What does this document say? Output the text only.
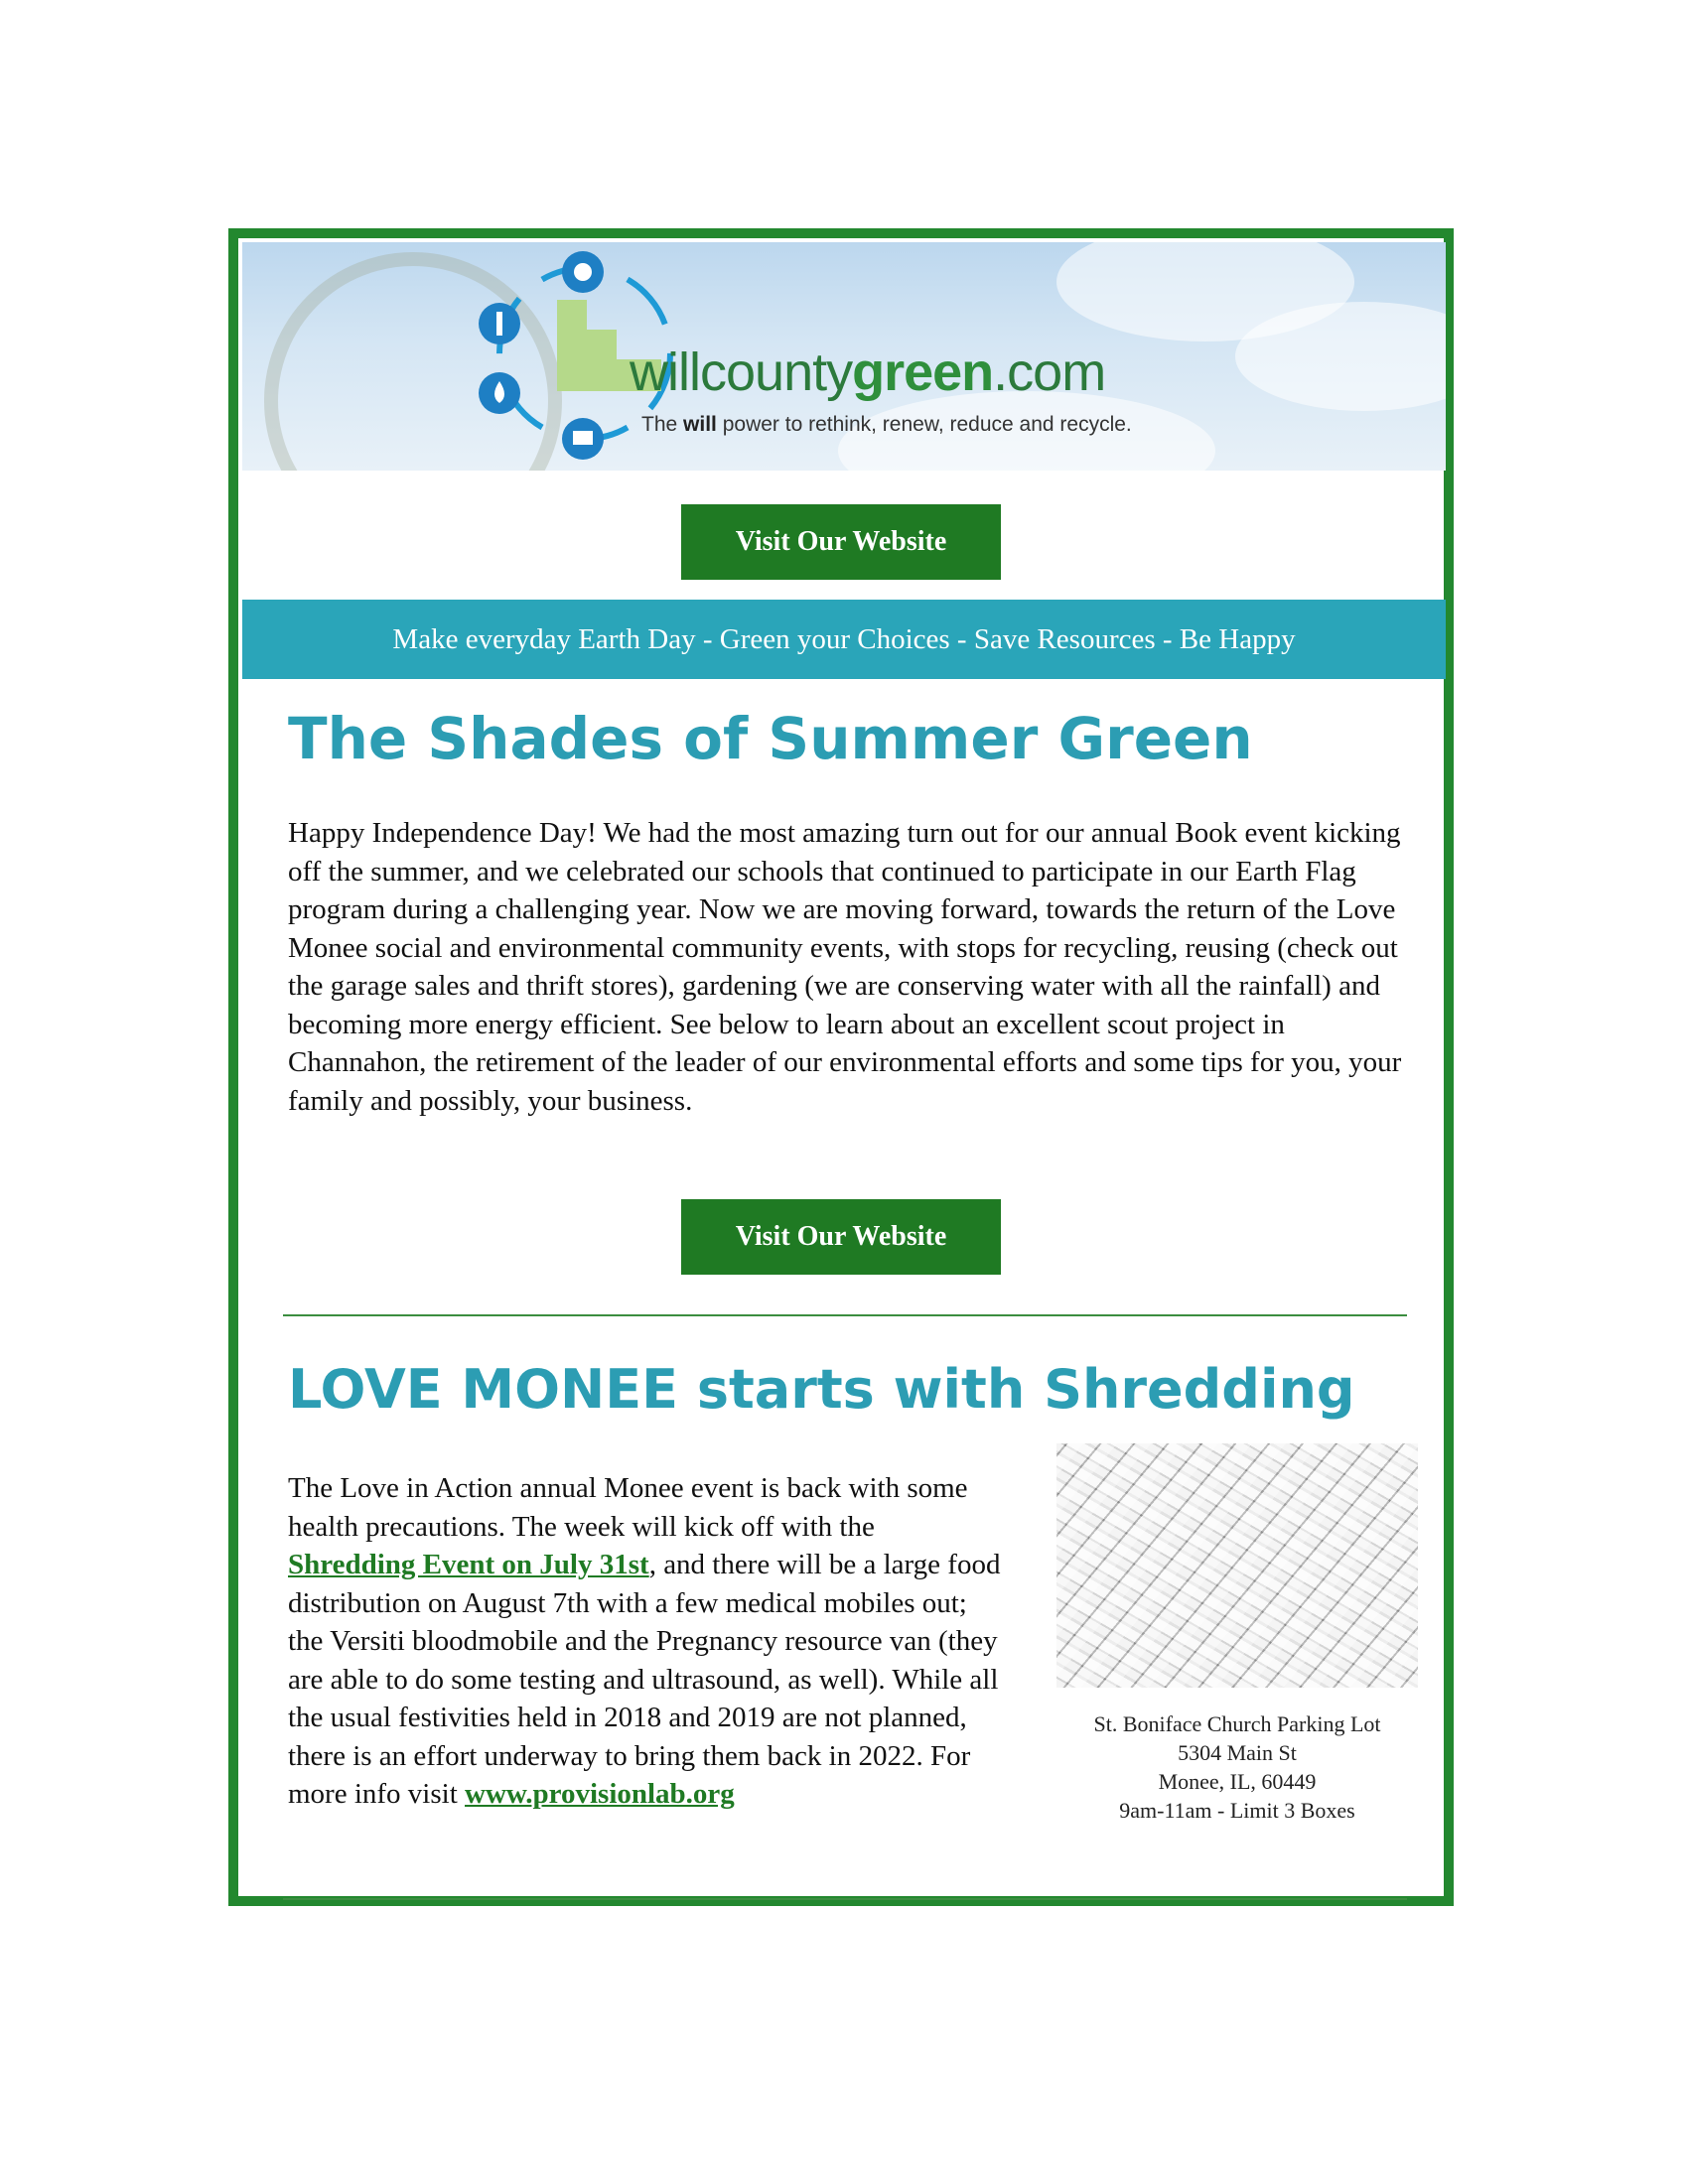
willcountygreen.com
The will power to rethink, renew, reduce and recycle.
Visit Our Website
Make everyday Earth Day - Green your Choices - Save Resources - Be Happy
The Shades of Summer Green

Happy Independence Day! We had the most amazing turn out for our annual Book event kicking off the summer, and we celebrated our schools that continued to participate in our Earth Flag program during a challenging year. Now we are moving forward, towards the return of the Love Monee social and environmental community events, with stops for recycling, reusing (check out the garage sales and thrift stores), gardening (we are conserving water with all the rainfall) and becoming more energy efficient. See below to learn about an excellent scout project in Channahon, the retirement of the leader of our environmental efforts and some tips for you, your family and possibly, your business.

Visit Our Website
LOVE MONEE starts with Shredding

The Love in Action annual Monee event is back with some health precautions. The week will kick off with the Shredding Event on July 31st, and there will be a large food distribution on August 7th with a few medical mobiles out; the Versiti bloodmobile and the Pregnancy resource van (they are able to do some testing and ultrasound, as well). While all the usual festivities held in 2018 and 2019 are not planned, there is an effort underway to bring them back in 2022. For more info visit www.provisionlab.org

St. Boniface Church Parking Lot
5304 Main St
Monee, IL, 60449
9am-11am - Limit 3 Boxes
